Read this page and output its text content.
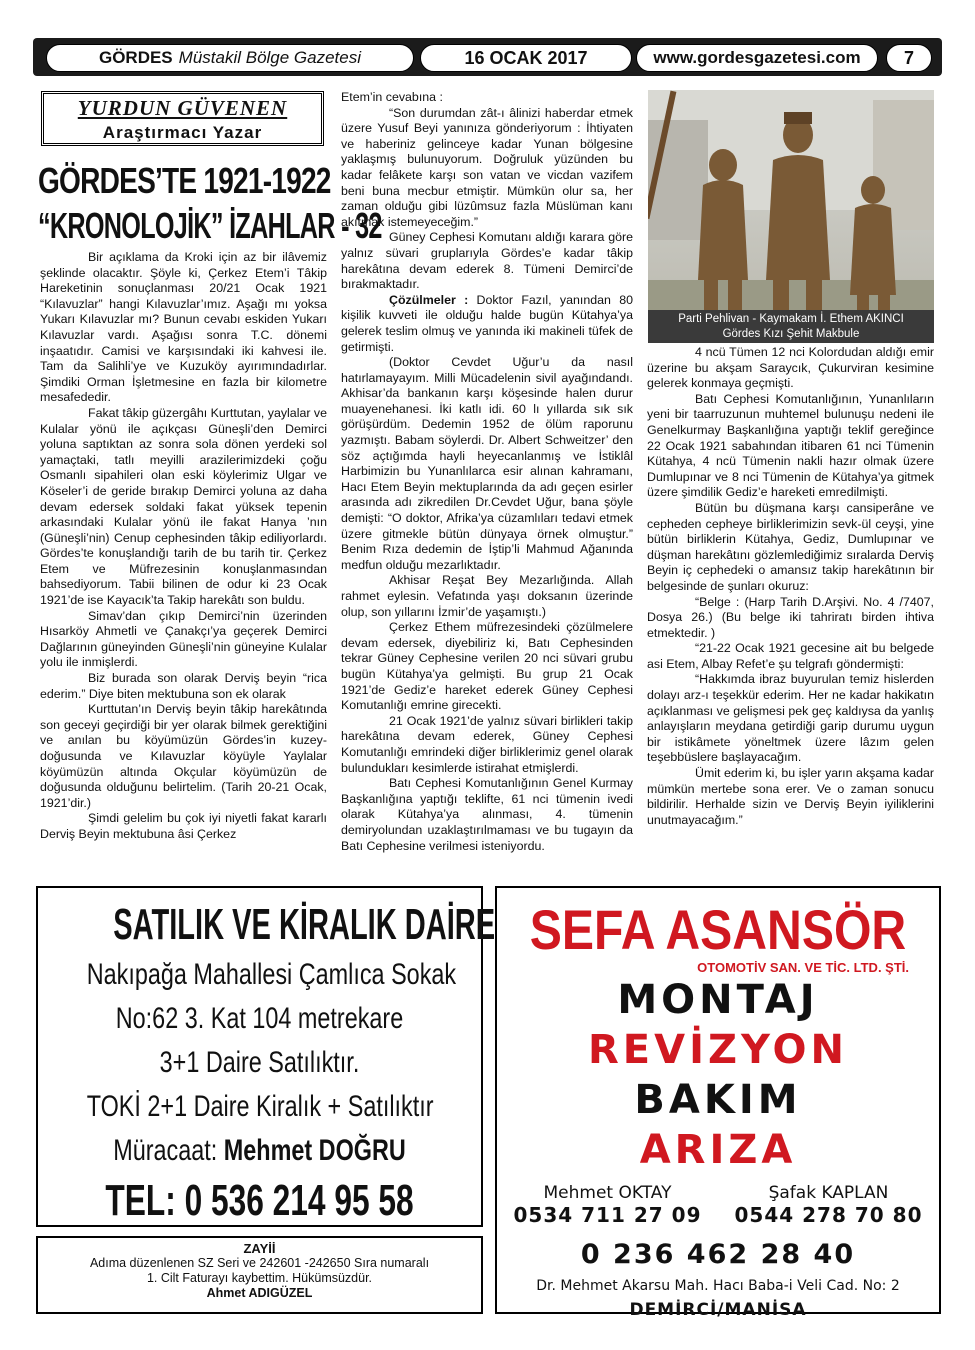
GÖRDES Müstakil Bölge Gazetesi	16 OCAK 2017	www.gordesgazetesi.com	7
YURDUN GÜVENEN
Araştırmacı Yazar
GÖRDES’TE 1921-1922
“KRONOLOJİK” İZAHLAR - 32

Bir açıklama da Kroki için az bir ilâvemiz şeklinde olacaktır. Şöyle ki, Çerkez Etem’i Tâkip Hareketinin sonuçlanması 20/21 Ocak 1921 “Kılavuzlar” hangi Kılavuzlar’ımız. Aşağı mı yoksa Yukarı Kılavuzlar mı? Bunun cevabı eskiden Yukarı Kılavuzlar vardı. Aşağısı sonra T.C. dönemi inşaatıdır. Camisi ve karşısındaki iki kahvesi ile. Tam da Salihli’ye ve Kuzuköy ayırımındadırlar. Şimdiki Orman İşletmesine en fazla bir kilometre mesafededir.

Fakat tâkip güzergâhı Kurttutan, yaylalar ve Kulalar yönü ile açıkçası Güneşli’den Demirci yoluna saptıktan az sonra sola dönen yerdeki sol yamaçtaki, tatlı meyilli arazilerimizdeki çoğu Osmanlı sipahileri olan eski köylerimiz Ulgar ve Köseler’i de geride bırakıp Demirci yoluna az daha devam edersek soldaki fakat yüksek tepenin arkasındaki Kulalar yönü ile fakat Hanya ’nın (Güneşli’nin) Cenup cephesinden tâkip ediliyorlardı. Gördes’te konuşlandığı tarih de bu tarih tir. Çerkez Etem ve Müfrezesinin konuşlanmasından bahsediyorum. Tabii bilinen de odur ki 23 Ocak 1921’de ise Kayacık’ta Takip harekâtı son buldu.

Simav’dan çıkıp Demirci’nin üzerinden Hısarköy Ahmetli ve Çanakçı’ya geçerek Demirci Dağlarının güneyinden Güneşli’nin güneyine Kulalar yolu ile inmişlerdi.

Biz burada son olarak Derviş beyin “rica ederim.” Diye biten mektubuna son ek olarak

Kurttutan’ın Derviş beyin tâkip harekâtında son geceyi geçirdiği bir yer olarak bilmek gerektiğini ve anılan bu köyümüzün Gördes’in kuzey-doğusunda ve Kılavuzlar köyüyle Yaylalar köyümüzün altında Okçular köyümüzün de doğusunda olduğunu belirtelim. (Tarih 20-21 Ocak, 1921’dir.)

Şimdi gelelim bu çok iyi niyetli fakat kararlı Derviş Beyin mektubuna âsi Çerkez

Etem’in cevabına :

“Son durumdan zât-ı âlinizi haberdar etmek üzere Yusuf Beyi yanınıza gönderiyorum : İhtiyaten ve haberiniz gelinceye kadar Yunan bölgesine yaklaşmış bulunuyorum. Doğruluk yüzünden bu kadar felâkete karşı son vatan ve vicdan vazifem beni buna mecbur etmiştir. Mümkün olur sa, her zaman olduğu gibi lüzûmsuz fazla Müslüman kanı akıtmak istemeyeceğim.”

Güney Cephesi Komutanı aldığı karara göre yalnız süvari gruplarıyla Gördes’e kadar tâkip harekâtına devam ederek 8. Tümeni Demirci’de bırakmaktadır.

Çözülmeler : Doktor Fazıl, yanından 80 kişilik kuvveti ile olduğu halde bugün Kütahya’ya gelerek teslim olmuş ve yanında iki makineli tüfek de getirmişti.

(Doktor Cevdet Uğur’u da nasıl hatırlamayayım. Milli Mücadelenin sivil ayağındandı. Akhisar’da bankanın karşı köşesinde halen durur muayenehanesi. İki katlı idi. 60 lı yıllarda sık sık görüşürdüm. Dedemin 1952 de ölüm raporunu yazmıştı. Babam söylerdi. Dr. Albert Schweitzer’ den söz açtığımda hayli heyecanlanmış ve İstiklâl Harbimizin bu Yunanlılarca esir alınan kahramanı, Hacı Etem Beyin mektuplarında da adı geçen esirler arasında adı zikredilen Dr.Cevdet Uğur, bana şöyle demişti: “O doktor, Afrika’ya cüzamlıları tedavi etmek üzere gitmekle bütün dünyaya örnek olmuştur.” Benim Rıza dedemin de İştip’li Mahmud Ağanında medfun olduğu mezarlıktadır.

Akhisar Reşat Bey Mezarlığında. Allah rahmet eylesin. Vefatında yaşı doksanın üzerinde olup, son yıllarını İzmir’de yaşamıştı.)

Çerkez Ethem müfrezesindeki çözülmelere devam edersek, diyebiliriz ki, Batı Cephesinden tekrar Güney Cephesine verilen 20 nci süvari grubu bugün Kütahya’ya gelmişti. Bu grup 21 Ocak 1921’de Gediz’e hareket ederek Güney Cephesi Komutanlığı emrine girecekti.

21 Ocak 1921’de yalnız süvari birlikleri takip harekâtına devam ederek, Güney Cephesi Komutanlığı emrindeki diğer birliklerimiz genel olarak bulundukları kesimlerde istirahat etmişlerdi.

Batı Cephesi Komutanlığının Genel Kurmay Başkanlığına yaptığı teklifte, 61 nci tümenin ivedi olarak Kütahya’ya alınması, 4. tümenin demiryolundan uzaklaştırılmaması ve bu tugayın da Batı Cephesine verilmesi isteniyordu.

Parti Pehlivan - Kaymakam İ. Ethem AKINCI
Gördes Kızı Şehit Makbule

4 ncü Tümen 12 nci Kolordudan aldığı emir üzerine bu akşam Saraycık, Çukurviran kesimine gelerek konmaya geçmişti.

Batı Cephesi Komutanlığının, Yunanlıların yeni bir taarruzunun muhtemel bulunuşu nedeni ile Genelkurmay Başkanlığına yaptığı teklif gereğince 22 Ocak 1921 sabahından itibaren 61 nci Tümenin Kütahya, 4 ncü Tümenin nakli hazır olmak üzere Dumlupınar ve 8 nci Tümenin de Kütahya’ya gitmek üzere şimdilik Gediz’e hareketi emredilmişti.

Bütün bu düşmana karşı cansiperâne ve cepheden cepheye birliklerimizin sevk-ül ceyşi, yine bütün birliklerin Kütahya, Gediz, Dumlupınar ve düşman harekâtını gözlemlediğimiz sıralarda Derviş Beyin iç cephedeki o amansız takip harekâtının bir belgesinde de şunları okuruz:

“Belge : (Harp Tarih D.Arşivi. No. 4 /7407, Dosya 26.) (Bu belge iki tahriratı birden ihtiva etmektedir. )

“21-22 Ocak 1921 gecesine ait bu belgede asi Etem, Albay Refet’e şu telgrafı göndermişti:

“Hakkımda ibraz buyurulan temiz hislerden dolayı arz-ı teşekkür ederim. Her ne kadar hakikatın açıklanması ve gelişmesi pek geç kaldıysa da yanlış anlayışların meydana getirdiği garip durumu uygun bir istikâmete yöneltmek üzere lâzım gelen teşebbüslere başlayacağım.

Ümit ederim ki, bu işler yarın akşama kadar mümkün mertebe sona erer. Ve o zaman sonucu bildirilir. Herhalde sizin ve Derviş Beyin iyiliklerini unutmayacağım.”

SATILIK VE KİRALIK DAİRE
Nakıpağa Mahallesi Çamlıca Sokak
No:62 3. Kat 104 metrekare
3+1 Daire Satılıktır.
TOKİ 2+1 Daire Kiralık + Satılıktır
Müracaat: Mehmet DOĞRU
TEL: 0 536 214 95 58
ZAYİİ
Adıma düzenlenen SZ Seri ve 242601 -242650 Sıra numaralı
1. Cilt Faturayı kaybettim. Hükümsüzdür.
Ahmet ADIGÜZEL
SEFA ASANSÖR
OTOMOTİV SAN. VE TİC. LTD. ŞTİ.
MONTAJ
REVİZYON
BAKIM
ARIZA
Mehmet OKTAY
0534 711 27 09
Şafak KAPLAN
0544 278 70 80
0 236 462 28 40
Dr. Mehmet Akarsu Mah. Hacı Baba-i Veli Cad. No: 2
DEMİRCİ/MANİSA
